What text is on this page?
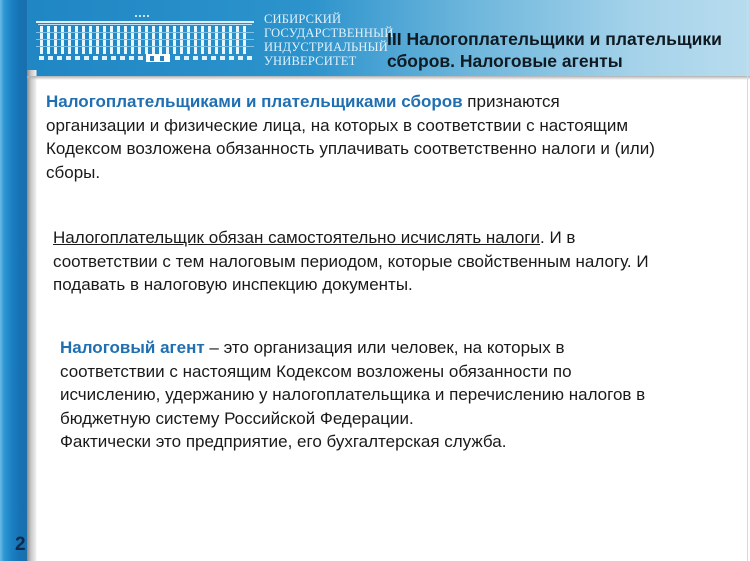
СИБИРСКИЙ
ГОСУДАРСТВЕННЫЙ
ИНДУСТРИАЛЬНЫЙ
УНИВЕРСИТЕТ
III Налогоплательщики и плательщики
сборов. Налоговые агенты
Налогоплательщиками и плательщиками сборов признаются
организации и физические лица, на которых в соответствии с настоящим
Кодексом возложена обязанность уплачивать соответственно налоги и (или)
сборы.
Налогоплательщик обязан самостоятельно исчислять налоги. И в
соответствии с тем налоговым периодом, которые свойственным налогу. И
подавать в налоговую инспекцию документы.
Налоговый агент – это организация или человек, на которых в
соответствии с настоящим Кодексом возложены обязанности по
исчислению, удержанию у налогоплательщика и перечислению налогов в
бюджетную систему Российской Федерации.
Фактически это предприятие, его бухгалтерская служба.
2
